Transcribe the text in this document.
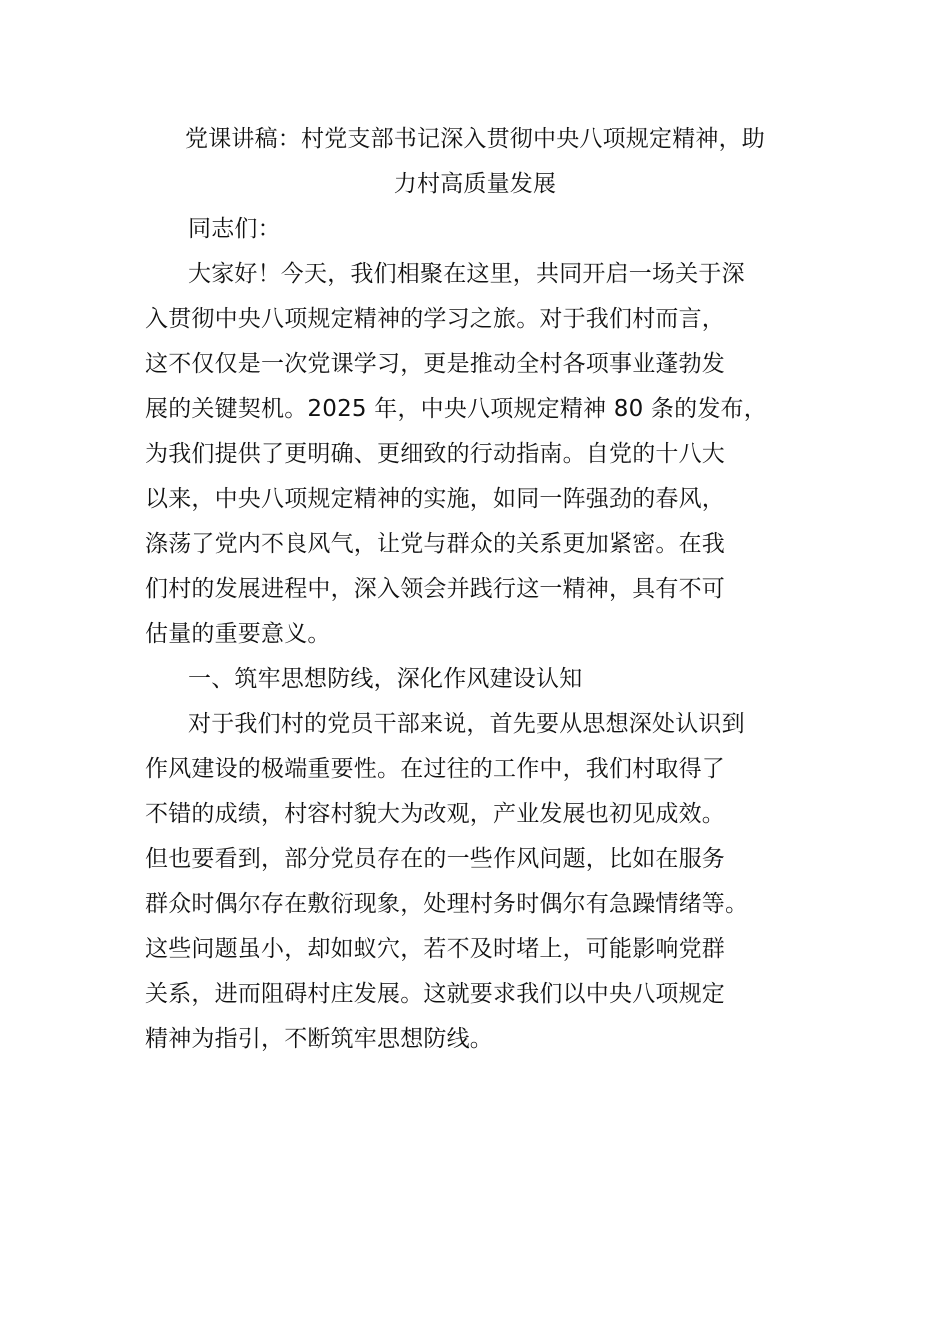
党课讲稿：村党支部书记深入贯彻中央八项规定精神，助
力村高质量发展
同志们：
大家好！今天，我们相聚在这里，共同开启一场关于深
入贯彻中央八项规定精神的学习之旅。对于我们村而言，
这不仅仅是一次党课学习，更是推动全村各项事业蓬勃发
展的关键契机。2025 年，中央八项规定精神 80 条的发布，
为我们提供了更明确、更细致的行动指南。自党的十八大
以来，中央八项规定精神的实施，如同一阵强劲的春风，
涤荡了党内不良风气，让党与群众的关系更加紧密。在我
们村的发展进程中，深入领会并践行这一精神，具有不可
估量的重要意义。
一、筑牢思想防线，深化作风建设认知
对于我们村的党员干部来说，首先要从思想深处认识到
作风建设的极端重要性。在过往的工作中，我们村取得了
不错的成绩，村容村貌大为改观，产业发展也初见成效。
但也要看到，部分党员存在的一些作风问题，比如在服务
群众时偶尔存在敷衍现象，处理村务时偶尔有急躁情绪等。
这些问题虽小，却如蚁穴，若不及时堵上，可能影响党群
关系，进而阻碍村庄发展。这就要求我们以中央八项规定
精神为指引，不断筑牢思想防线。
